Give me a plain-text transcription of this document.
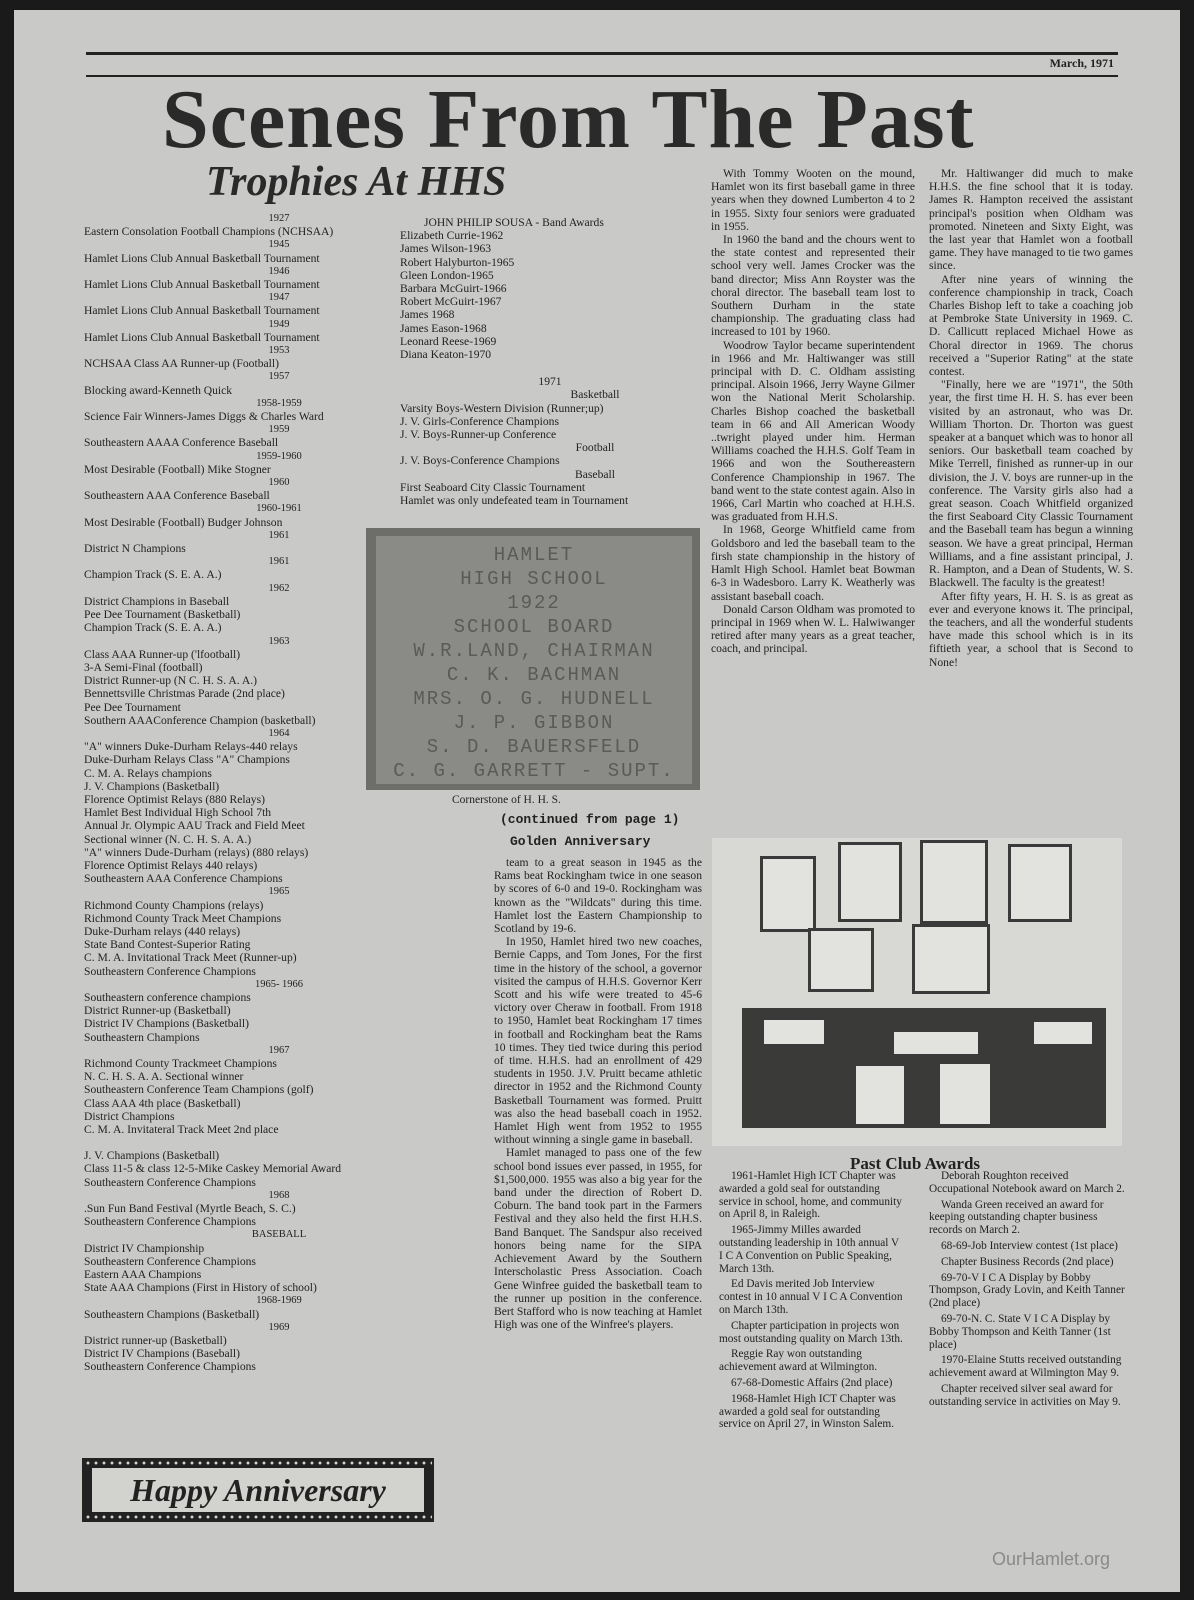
March, 1971
Scenes From The Past
Trophies At HHS
1927
Eastern Consolation Football Champions (NCHSAA)
1945
Hamlet Lions Club Annual Basketball Tournament
1946
Hamlet Lions Club Annual Basketball Tournament
1947
Hamlet Lions Club Annual Basketball Tournament
1949
Hamlet Lions Club Annual Basketball Tournament
1953
NCHSAA Class AA Runner-up (Football)
1957
Blocking award-Kenneth Quick
1958-1959
Science Fair Winners-James Diggs & Charles Ward
1959
Southeastern AAAA Conference Baseball
1959-1960
Most Desirable (Football) Mike Stogner
1960
Southeastern AAA Conference Baseball
1960-1961
Most Desirable (Football) Budger Johnson
1961
District N Champions
1961
Champion Track (S. E. A. A.)
1962
District Champions in Baseball
Pee Dee Tournament (Basketball)
Champion Track (S. E. A. A.)
1963
Class AAA Runner-up ('lfootball)
3-A Semi-Final (football)
District Runner-up (N C. H. S. A. A.)
Bennettsville Christmas Parade (2nd place)
Pee Dee Tournament
Southern AAAConference Champion (basketball)
1964
"A" winners Duke-Durham Relays-440 relays
Duke-Durham Relays Class "A" Champions
C. M. A. Relays champions
J. V. Champions (Basketball)
Florence Optimist Relays (880 Relays)
Hamlet Best Individual High School 7th
Annual Jr. Olympic AAU Track and Field Meet
Sectional winner (N. C. H. S. A. A.)
"A" winners Dude-Durham (relays) (880 relays)
Florence Optimist Relays 440 relays)
Southeastern AAA Conference Champions
1965
Richmond County Champions (relays)
Richmond County Track Meet Champions
Duke-Durham relays (440 relays)
State Band Contest-Superior Rating
C. M. A. Invitational Track Meet (Runner-up)
Southeastern Conference Champions
1965- 1966
Southeastern conference champions
District Runner-up (Basketball)
District IV Champions (Basketball)
Southeastern Champions
1967
Richmond County Trackmeet Champions
N. C. H. S. A. A. Sectional winner
Southeastern Conference Team Champions (golf)
Class AAA 4th place (Basketball)
District Champions
C. M. A. Invitateral Track Meet 2nd place
J. V. Champions (Basketball)
Class 11-5 & class 12-5-Mike Caskey Memorial Award
Southeastern Conference Champions
1968
.Sun Fun Band Festival (Myrtle Beach, S. C.)
Southeastern Conference Champions
BASEBALL
District IV Championship
Southeastern Conference Champions
Eastern AAA Champions
State AAA Champions (First in History of school)
1968-1969
Southeastern Champions (Basketball)
1969
District runner-up (Basketball)
District IV Champions (Baseball)
Southeastern Conference Champions
JOHN PHILIP SOUSA - Band Awards
Elizabeth Currie-1962
James Wilson-1963
Robert Halyburton-1965
Gleen London-1965
Barbara McGuirt-1966
Robert McGuirt-1967
James 1968
James Eason-1968
Leonard Reese-1969
Diana Keaton-1970
1971
Basketball
Varsity Boys-Western Division (Runner;up)
J. V. Girls-Conference Champions
J. V. Boys-Runner-up Conference
Football
J. V. Boys-Conference Champions
Baseball
First Seaboard City Classic Tournament
Hamlet was only undefeated team in Tournament
HAMLET
HIGH SCHOOL
1922
SCHOOL BOARD
W.R.LAND, CHAIRMAN
C. K. BACHMAN
MRS. O. G. HUDNELL
J. P. GIBBON
S. D. BAUERSFELD
C. G. GARRETT - SUPT.
Cornerstone of H. H. S.
(continued from page 1)
Golden Anniversary

team to a great season in 1945 as the Rams beat Rockingham twice in one season by scores of 6-0 and 19-0. Rockingham was known as the "Wildcats" during this time. Hamlet lost the Eastern Championship to Scotland by 19-6.

In 1950, Hamlet hired two new coaches, Bernie Capps, and Tom Jones, For the first time in the history of the school, a governor visited the campus of H.H.S. Governor Kerr Scott and his wife were treated to 45-6 victory over Cheraw in football. From 1918 to 1950, Hamlet beat Rockingham 17 times in football and Rockingham beat the Rams 10 times. They tied twice during this period of time. H.H.S. had an enrollment of 429 students in 1950. J.V. Pruitt became athletic director in 1952 and the Richmond County Basketball Tournament was formed. Pruitt was also the head baseball coach in 1952. Hamlet High went from 1952 to 1955 without winning a single game in baseball.

Hamlet managed to pass one of the few school bond issues ever passed, in 1955, for $1,500,000. 1955 was also a big year for the band under the direction of Robert D. Coburn. The band took part in the Farmers Festival and they also held the first H.H.S. Band Banquet. The Sandspur also received honors being name for the SIPA Achievement Award by the Southern Interscholastic Press Association. Coach Gene Winfree guided the basketball team to the runner up position in the conference. Bert Stafford who is now teaching at Hamlet High was one of the Winfree's players.

With Tommy Wooten on the mound, Hamlet won its first baseball game in three years when they downed Lumberton 4 to 2 in 1955. Sixty four seniors were graduated in 1955.

In 1960 the band and the chours went to the state contest and represented their school very well. James Crocker was the band director; Miss Ann Royster was the choral director. The baseball team lost to Southern Durham in the state championship. The graduating class had increased to 101 by 1960.

Woodrow Taylor became superintendent in 1966 and Mr. Haltiwanger was still principal with D. C. Oldham assisting principal. Alsoin 1966, Jerry Wayne Gilmer won the National Merit Scholarship. Charles Bishop coached the basketball team in 66 and All American Woody ..twright played under him. Herman Williams coached the H.H.S. Golf Team in 1966 and won the Southereastern Conference Championship in 1967. The band went to the state contest again. Also in 1966, Carl Martin who coached at H.H.S. was graduated from H.H.S.

In 1968, George Whitfield came from Goldsboro and led the baseball team to the firsh state championship in the history of Hamlt High School. Hamlet beat Bowman 6-3 in Wadesboro. Larry K. Weatherly was assistant baseball coach.

Donald Carson Oldham was promoted to principal in 1969 when W. L. Halwiwanger retired after many years as a great teacher, coach, and principal.

Mr. Haltiwanger did much to make H.H.S. the fine school that it is today. James R. Hampton received the assistant principal's position when Oldham was promoted. Nineteen and Sixty Eight, was the last year that Hamlet won a football game. They have managed to tie two games since.

After nine years of winning the conference championship in track, Coach Charles Bishop left to take a coaching job at Pembroke State University in 1969. C. D. Callicutt replaced Michael Howe as Choral director in 1969. The chorus received a "Superior Rating" at the state contest.

"Finally, here we are "1971", the 50th year, the first time H. H. S. has ever been visited by an astronaut, who was Dr. William Thorton. Dr. Thorton was guest speaker at a banquet which was to honor all seniors. Our basketball team coached by Mike Terrell, finished as runner-up in our division, the J. V. boys are runner-up in the conference. The Varsity girls also had a great season. Coach Whitfield organized the first Seaboard City Classic Tournament and the Baseball team has begun a winning season. We have a great principal, Herman Williams, and a fine assistant principal, J. R. Hampton, and a Dean of Students, W. S. Blackwell. The faculty is the greatest!

After fifty years, H. H. S. is as great as ever and everyone knows it. The principal, the teachers, and all the wonderful students have made this school which is in its fiftieth year, a school that is Second to None!

Past Club Awards

1961-Hamlet High ICT Chapter was awarded a gold seal for outstanding service in school, home, and community on April 8, in Raleigh.

1965-Jimmy Milles awarded outstanding leadership in 10th annual V I C A Convention on Public Speaking, March 13th.

Ed Davis merited Job Interview contest in 10 annual V I C A Convention on March 13th.

Chapter participation in projects won most outstanding quality on March 13th.

Reggie Ray won outstanding achievement award at Wilmington.

67-68-Domestic Affairs (2nd place)

1968-Hamlet High ICT Chapter was awarded a gold seal for outstanding service on April 27, in Winston Salem.

Deborah Roughton received Occupational Notebook award on March 2.

Wanda Green received an award for keeping outstanding chapter business records on March 2.

68-69-Job Interview contest (1st place)

Chapter Business Records (2nd place)

69-70-V I C A Display by Bobby Thompson, Grady Lovin, and Keith Tanner (2nd place)

69-70-N. C. State V I C A Display by Bobby Thompson and Keith Tanner (1st place)

1970-Elaine Stutts received outstanding achievement award at Wilmington May 9.

Chapter received silver seal award for outstanding service in activities on May 9.

Happy Anniversary
OurHamlet.org
